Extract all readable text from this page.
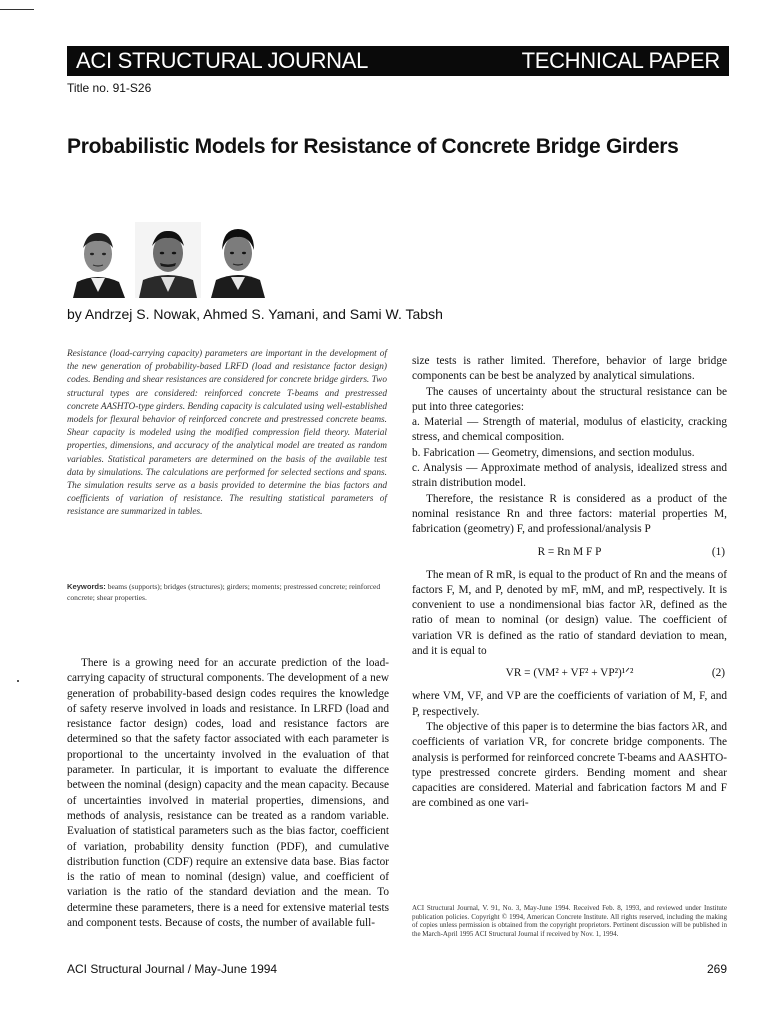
ACI STRUCTURAL JOURNAL	TECHNICAL PAPER
Title no. 91-S26
Probabilistic Models for Resistance of Concrete Bridge Girders
by Andrzej S. Nowak, Ahmed S. Yamani, and Sami W. Tabsh

Resistance (load-carrying capacity) parameters are important in the development of the new generation of probability-based LRFD (load and resistance factor design) codes. Bending and shear resistances are considered for concrete bridge girders. Two structural types are considered: reinforced concrete T-beams and prestressed concrete AASHTO-type girders. Bending capacity is calculated using well-established models for flexural behavior of reinforced concrete and prestressed concrete beams. Shear capacity is modeled using the modified compression field theory. Material properties, dimensions, and accuracy of the analytical model are treated as random variables. Statistical parameters are determined on the basis of the available test data by simulations. The calculations are performed for selected sections and spans. The simulation results serve as a basis provided to determine the bias factors and coefficients of variation of resistance. The resulting statistical parameters of resistance are summarized in tables.

Keywords: beams (supports); bridges (structures); girders; moments; prestressed concrete; reinforced concrete; shear properties.

There is a growing need for an accurate prediction of the load-carrying capacity of structural components. The development of a new generation of probability-based design codes requires the knowledge of safety reserve involved in loads and resistance. In LRFD (load and resistance factor design) codes, load and resistance factors are determined so that the safety factor associated with each parameter is proportional to the uncertainty involved in the evaluation of that parameter. In particular, it is important to evaluate the difference between the nominal (design) capacity and the mean capacity. Because of uncertainties involved in material properties, dimensions, and methods of analysis, resistance can be treated as a random variable. Evaluation of statistical parameters such as the bias factor, coefficient of variation, probability density function (PDF), and cumulative distribution function (CDF) require an extensive data base. Bias factor is the ratio of mean to nominal (design) value, and coefficient of variation is the ratio of the standard deviation and the mean. To determine these parameters, there is a need for extensive material tests and component tests. Because of costs, the number of available full-

size tests is rather limited. Therefore, behavior of large bridge components can be best be analyzed by analytical simulations.

The causes of uncertainty about the structural resistance can be put into three categories:

a. Material — Strength of material, modulus of elasticity, cracking stress, and chemical composition.

b. Fabrication — Geometry, dimensions, and section modulus.

c. Analysis — Approximate method of analysis, idealized stress and strain distribution model.

Therefore, the resistance R is considered as a product of the nominal resistance Rn and three factors: material properties M, fabrication (geometry) F, and professional/analysis P

R = Rn M F P	(1)

The mean of R mR, is equal to the product of Rn and the means of factors F, M, and P, denoted by mF, mM, and mP, respectively. It is convenient to use a nondimensional bias factor λR, defined as the ratio of mean to nominal (or design) value. The coefficient of variation VR is defined as the ratio of standard deviation to mean, and it is equal to

VR = (VM² + VF² + VP²)¹ᐟ²	(2)

where VM, VF, and VP are the coefficients of variation of M, F, and P, respectively.

The objective of this paper is to determine the bias factors λR, and coefficients of variation VR, for concrete bridge components. The analysis is performed for reinforced concrete T-beams and AASHTO-type prestressed concrete girders. Bending moment and shear capacities are considered. Material and fabrication factors M and F are combined as one vari-

ACI Structural Journal, V. 91, No. 3, May-June 1994. Received Feb. 8, 1993, and reviewed under Institute publication policies. Copyright © 1994, American Concrete Institute. All rights reserved, including the making of copies unless permission is obtained from the copyright proprietors. Pertinent discussion will be published in the March-April 1995 ACI Structural Journal if received by Nov. 1, 1994.

ACI Structural Journal / May-June 1994	269
